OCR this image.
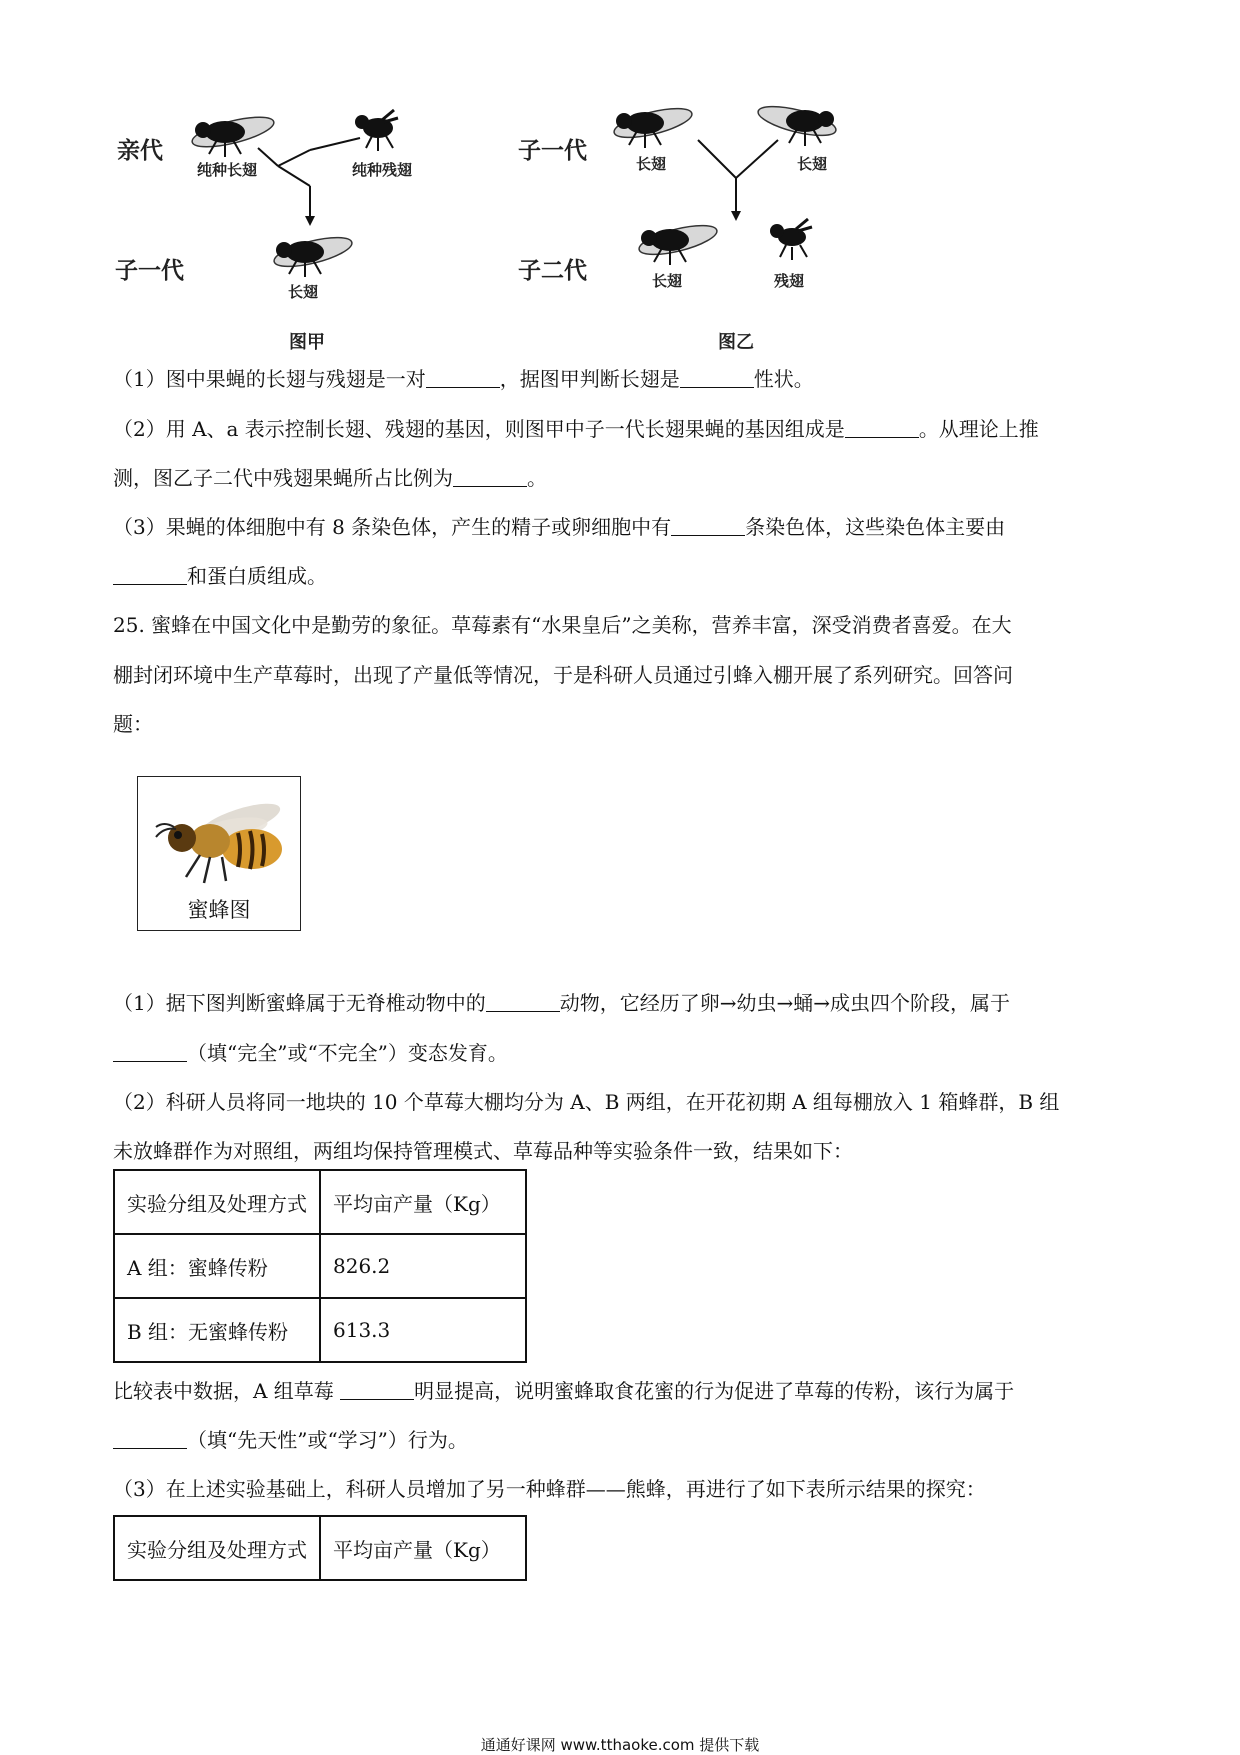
亲代
子一代
纯种长翅	纯种残翅
长翅
图甲
子一代
子二代
长翅	长翅
长翅	残翅
图乙
（1）图中果蝇的长翅与残翅是一对	，据图甲判断长翅是	性状。
（2）用 A、a 表示控制长翅、残翅的基因，则图甲中子一代长翅果蝇的基因组成是	。从理论上推
测，图乙子二代中残翅果蝇所占比例为	。
（3）果蝇的体细胞中有 8 条染色体，产生的精子或卵细胞中有	条染色体，这些染色体主要由
和蛋白质组成。
25. 蜜蜂在中国文化中是勤劳的象征。草莓素有“水果皇后”之美称，营养丰富，深受消费者喜爱。在大
棚封闭环境中生产草莓时，出现了产量低等情况，于是科研人员通过引蜂入棚开展了系列研究。回答问
题：
蜜蜂图
（1）据下图判断蜜蜂属于无脊椎动物中的	动物，它经历了卵→幼虫→蛹→成虫四个阶段，属于
（填“完全”或“不完全”）变态发育。
（2）科研人员将同一地块的 10 个草莓大棚均分为 A、B 两组，在开花初期 A 组每棚放入 1 箱蜂群，B 组
未放蜂群作为对照组，两组均保持管理模式、草莓品种等实验条件一致，结果如下：
实验分组及处理方式	平均亩产量（Kg）
A 组：蜜蜂传粉	826.2
B 组：无蜜蜂传粉	613.3
比较表中数据，A 组草莓	明显提高，说明蜜蜂取食花蜜的行为促进了草莓的传粉，该行为属于
（填“先天性”或“学习”）行为。
（3）在上述实验基础上，科研人员增加了另一种蜂群——熊蜂，再进行了如下表所示结果的探究：
实验分组及处理方式	平均亩产量（Kg）
通通好课网 www.tthaoke.com 提供下载
